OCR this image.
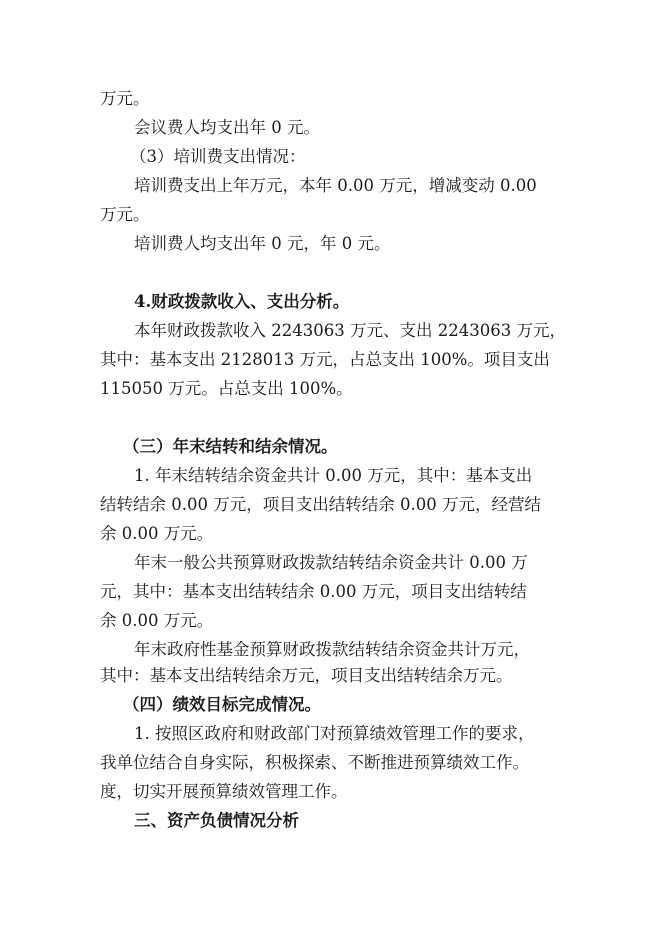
万元。
会议费人均支出年 0 元。
（3）培训费支出情况：
培训费支出上年万元，本年 0.00 万元，增减变动 0.00
万元。
培训费人均支出年 0 元，年 0 元。
4.财政拨款收入、支出分析。
本年财政拨款收入 2243063 万元、支出 2243063 万元，
其中：基本支出 2128013 万元，占总支出 100%。项目支出
115050 万元。占总支出 100%。
（三）年末结转和结余情况。
1. 年末结转结余资金共计 0.00 万元，其中：基本支出
结转结余 0.00 万元，项目支出结转结余 0.00 万元，经营结
余 0.00 万元。
年末一般公共预算财政拨款结转结余资金共计 0.00 万
元，其中：基本支出结转结余 0.00 万元，项目支出结转结
余 0.00 万元。
年末政府性基金预算财政拨款结转结余资金共计万元，
其中：基本支出结转结余万元，项目支出结转结余万元。
（四）绩效目标完成情况。
1. 按照区政府和财政部门对预算绩效管理工作的要求，
我单位结合自身实际，积极探索、不断推进预算绩效工作。
度，切实开展预算绩效管理工作。
三、资产负债情况分析
